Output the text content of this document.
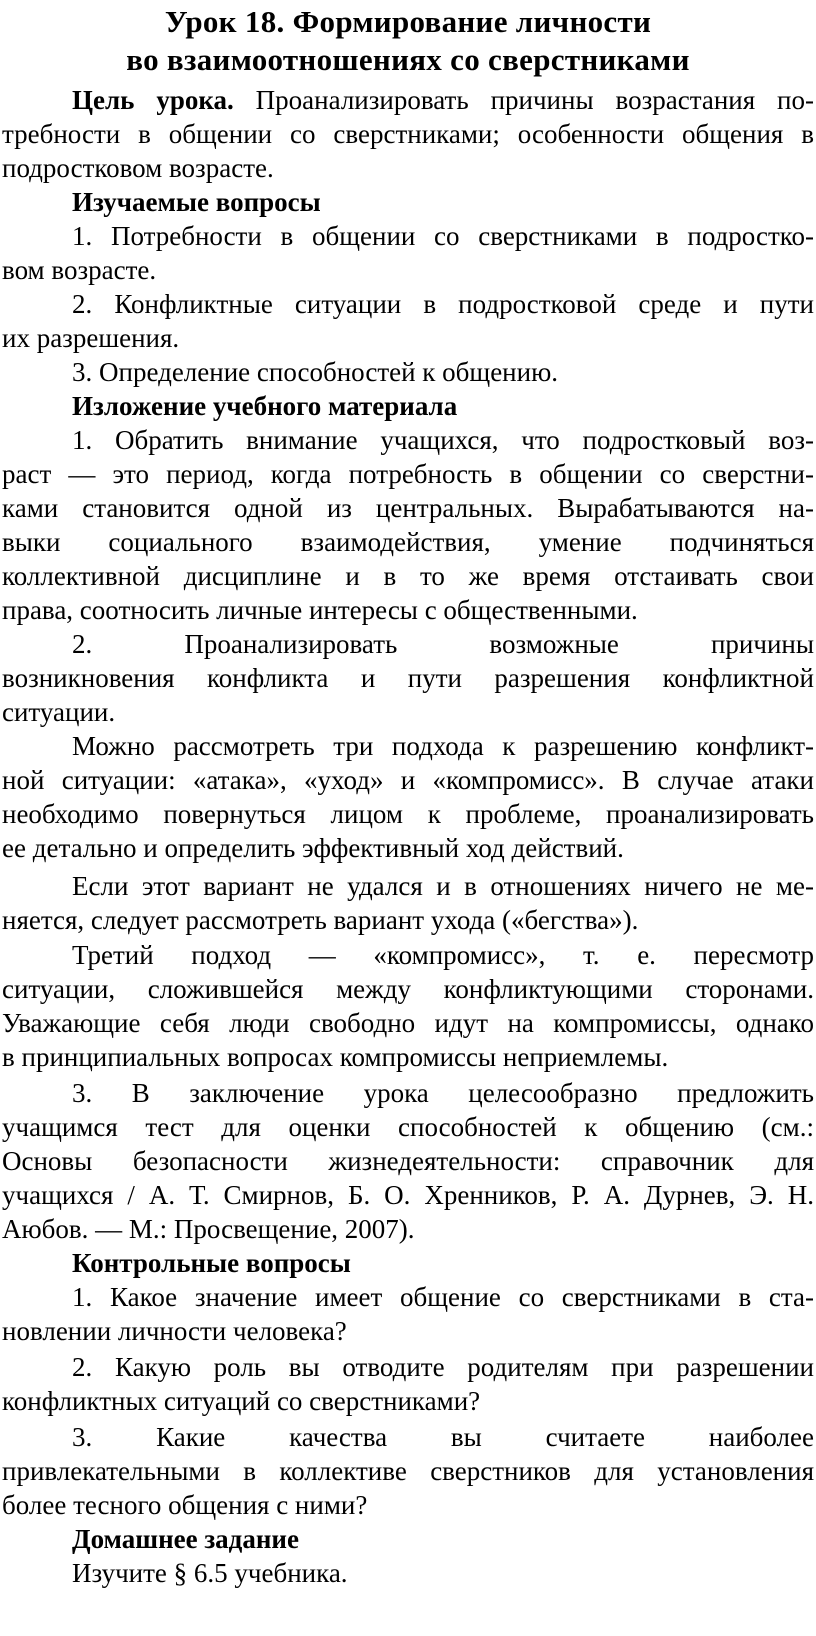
Урок 18. Формирование личности
во взаимоотношениях со сверстниками
Цель урока. Проанализировать причины возрастания по-
требности в общении со сверстниками; особенности общения в
подростковом возрасте.
Изучаемые вопросы
1. Потребности в общении со сверстниками в подростко-
вом возрасте.
2. Конфликтные ситуации в подростковой среде и пути
их разрешения.
3. Определение способностей к общению.
Изложение учебного материала
1. Обратить внимание учащихся, что подростковый воз-
раст — это период, когда потребность в общении со сверстни-
ками становится одной из центральных. Вырабатываются на-
выки социального взаимодействия, умение подчиняться
коллективной дисциплине и в то же время отстаивать свои
права, соотносить личные интересы с общественными.
2. Проанализировать возможные причины
возникновения конфликта и пути разрешения конфликтной
ситуации.
Можно рассмотреть три подхода к разрешению конфликт-
ной ситуации: «атака», «уход» и «компромисс». В случае атаки
необходимо повернуться лицом к проблеме, проанализировать
ее детально и определить эффективный ход действий.
Если этот вариант не удался и в отношениях ничего не ме-
няется, следует рассмотреть вариант ухода («бегства»).
Третий подход — «компромисс», т. е. пересмотр
ситуации, сложившейся между конфликтующими сторонами.
Уважающие себя люди свободно идут на компромиссы, однако
в принципиальных вопросах компромиссы неприемлемы.
3. В заключение урока целесообразно предложить
учащимся тест для оценки способностей к общению (см.:
Основы безопасности жизнедеятельности: справочник для
учащихся / А. Т. Смирнов, Б. О. Хренников, Р. А. Дурнев, Э. Н.
Аюбов. — М.: Просвещение, 2007).
Контрольные вопросы
1. Какое значение имеет общение со сверстниками в ста-
новлении личности человека?
2. Какую роль вы отводите родителям при разрешении
конфликтных ситуаций со сверстниками?
3. Какие качества вы считаете наиболее
привлекательными в коллективе сверстников для установления
более тесного общения с ними?
Домашнее задание
Изучите § 6.5 учебника.
